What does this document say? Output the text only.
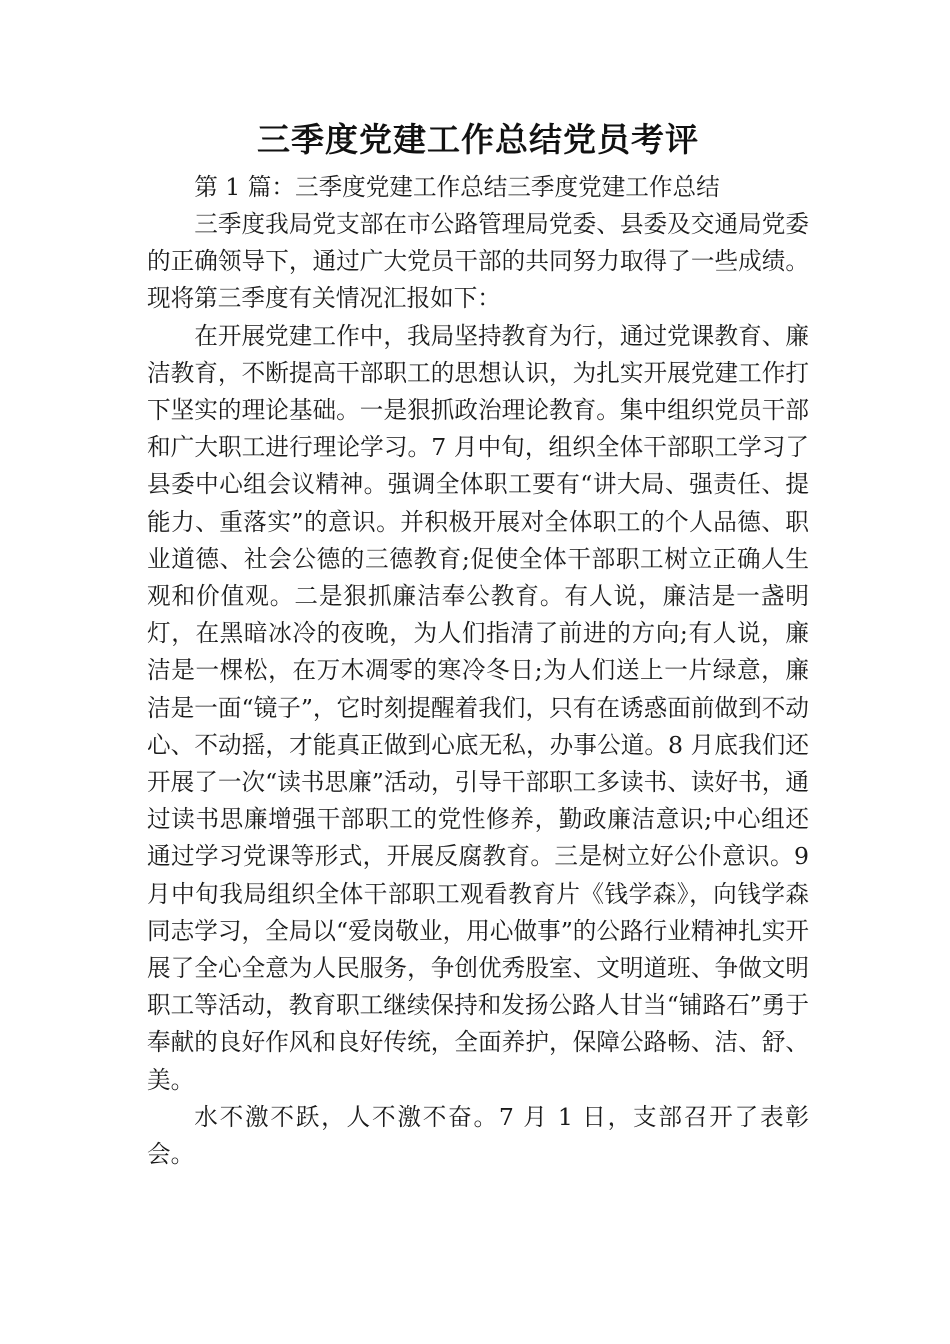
三季度党建工作总结党员考评

第 1 篇：三季度党建工作总结三季度党建工作总结

三季度我局党支部在市公路管理局党委、县委及交通局党委的正确领导下，通过广大党员干部的共同努力取得了一些成绩。现将第三季度有关情况汇报如下：

在开展党建工作中，我局坚持教育为行，通过党课教育、廉洁教育，不断提高干部职工的思想认识，为扎实开展党建工作打下坚实的理论基础。一是狠抓政治理论教育。集中组织党员干部和广大职工进行理论学习。7 月中旬，组织全体干部职工学习了县委中心组会议精神。强调全体职工要有“讲大局、强责任、提能力、重落实”的意识。并积极开展对全体职工的个人品德、职业道德、社会公德的三德教育;促使全体干部职工树立正确人生观和价值观。二是狠抓廉洁奉公教育。有人说，廉洁是一盏明灯，在黑暗冰冷的夜晚，为人们指清了前进的方向;有人说，廉洁是一棵松，在万木凋零的寒冷冬日;为人们送上一片绿意，廉洁是一面“镜子”，它时刻提醒着我们，只有在诱惑面前做到不动心、不动摇，才能真正做到心底无私，办事公道。8 月底我们还开展了一次“读书思廉”活动，引导干部职工多读书、读好书，通过读书思廉增强干部职工的党性修养，勤政廉洁意识;中心组还通过学习党课等形式，开展反腐教育。三是树立好公仆意识。9 月中旬我局组织全体干部职工观看教育片《钱学森》，向钱学森同志学习，全局以“爱岗敬业，用心做事”的公路行业精神扎实开展了全心全意为人民服务，争创优秀股室、文明道班、争做文明职工等活动，教育职工继续保持和发扬公路人甘当“铺路石”勇于奉献的良好作风和良好传统，全面养护，保障公路畅、洁、舒、美。

水不激不跃，人不激不奋。7 月 1 日，支部召开了表彰会。
